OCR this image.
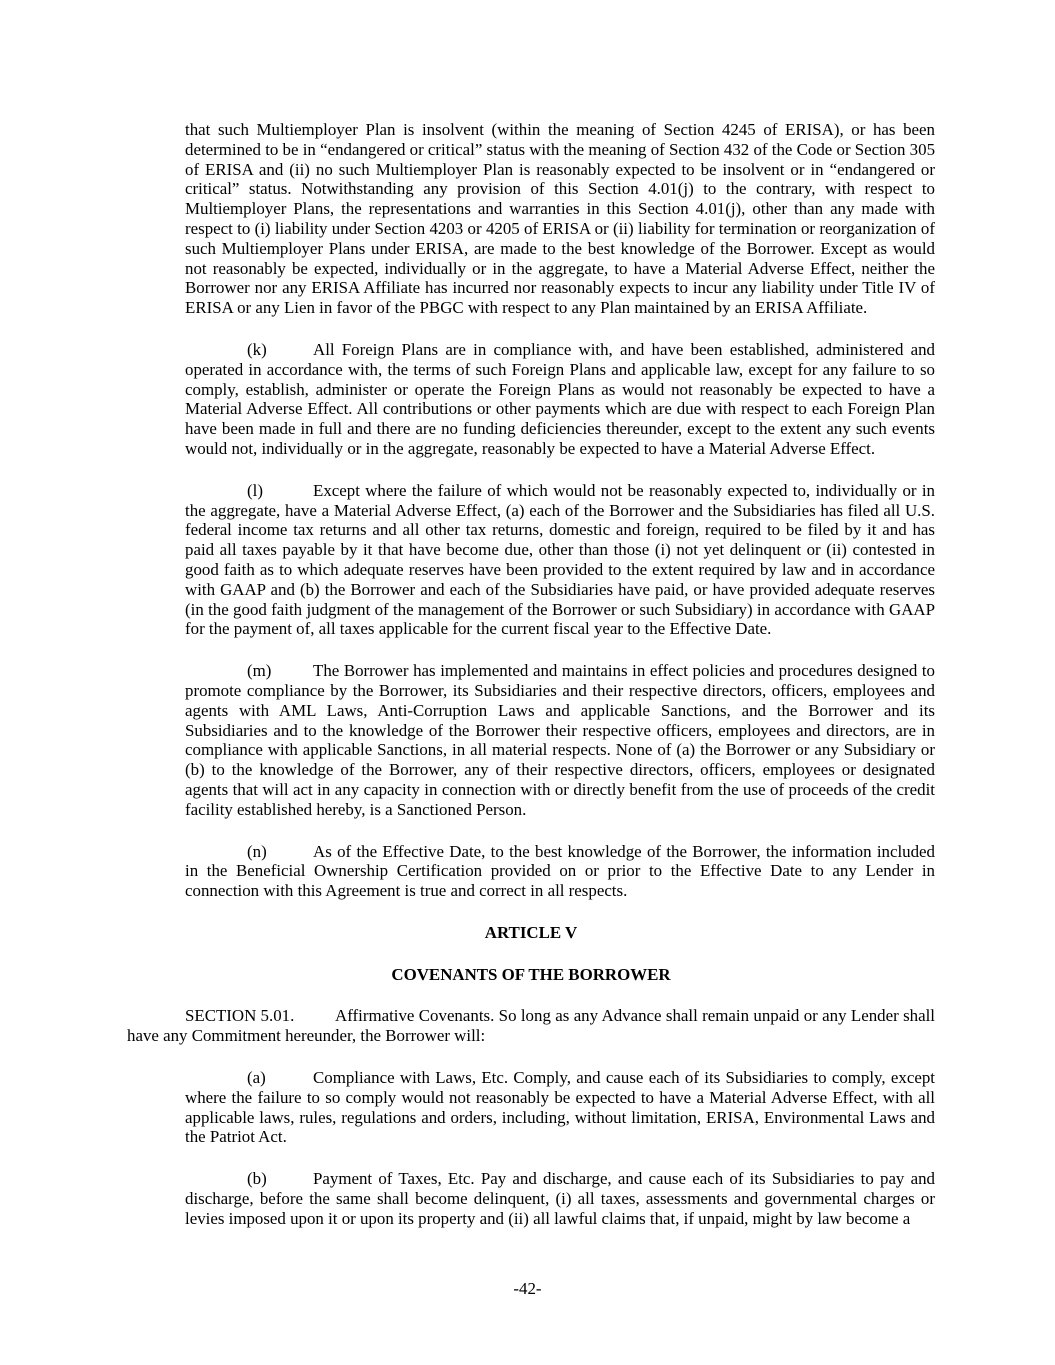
that such Multiemployer Plan is insolvent (within the meaning of Section 4245 of ERISA), or has been determined to be in “endangered or critical” status with the meaning of Section 432 of the Code or Section 305 of ERISA and (ii) no such Multiemployer Plan is reasonably expected to be insolvent or in “endangered or critical” status. Notwithstanding any provision of this Section 4.01(j) to the contrary, with respect to Multiemployer Plans, the representations and warranties in this Section 4.01(j), other than any made with respect to (i) liability under Section 4203 or 4205 of ERISA or (ii) liability for termination or reorganization of such Multiemployer Plans under ERISA, are made to the best knowledge of the Borrower. Except as would not reasonably be expected, individually or in the aggregate, to have a Material Adverse Effect, neither the Borrower nor any ERISA Affiliate has incurred nor reasonably expects to incur any liability under Title IV of ERISA or any Lien in favor of the PBGC with respect to any Plan maintained by an ERISA Affiliate.

(k)	All Foreign Plans are in compliance with, and have been established, administered and operated in accordance with, the terms of such Foreign Plans and applicable law, except for any failure to so comply, establish, administer or operate the Foreign Plans as would not reasonably be expected to have a Material Adverse Effect. All contributions or other payments which are due with respect to each Foreign Plan have been made in full and there are no funding deficiencies thereunder, except to the extent any such events would not, individually or in the aggregate, reasonably be expected to have a Material Adverse Effect.

(l)	Except where the failure of which would not be reasonably expected to, individually or in the aggregate, have a Material Adverse Effect, (a) each of the Borrower and the Subsidiaries has filed all U.S. federal income tax returns and all other tax returns, domestic and foreign, required to be filed by it and has paid all taxes payable by it that have become due, other than those (i) not yet delinquent or (ii) contested in good faith as to which adequate reserves have been provided to the extent required by law and in accordance with GAAP and (b) the Borrower and each of the Subsidiaries have paid, or have provided adequate reserves (in the good faith judgment of the management of the Borrower or such Subsidiary) in accordance with GAAP for the payment of, all taxes applicable for the current fiscal year to the Effective Date.

(m) The Borrower has implemented and maintains in effect policies and procedures designed to promote compliance by the Borrower, its Subsidiaries and their respective directors, officers, employees and agents with AML Laws, Anti-Corruption Laws and applicable Sanctions, and the Borrower and its Subsidiaries and to the knowledge of the Borrower their respective officers, employees and directors, are in compliance with applicable Sanctions, in all material respects. None of (a) the Borrower or any Subsidiary or (b) to the knowledge of the Borrower, any of their respective directors, officers, employees or designated agents that will act in any capacity in connection with or directly benefit from the use of proceeds of the credit facility established hereby, is a Sanctioned Person.

(n)	As of the Effective Date, to the best knowledge of the Borrower, the information included in the Beneficial Ownership Certification provided on or prior to the Effective Date to any Lender in connection with this Agreement is true and correct in all respects.

ARTICLE V
COVENANTS OF THE BORROWER

SECTION 5.01. Affirmative Covenants. So long as any Advance shall remain unpaid or any Lender shall have any Commitment hereunder, the Borrower will:

(a)	Compliance with Laws, Etc. Comply, and cause each of its Subsidiaries to comply, except where the failure to so comply would not reasonably be expected to have a Material Adverse Effect, with all applicable laws, rules, regulations and orders, including, without limitation, ERISA, Environmental Laws and the Patriot Act.

(b)	Payment of Taxes, Etc. Pay and discharge, and cause each of its Subsidiaries to pay and discharge, before the same shall become delinquent, (i) all taxes, assessments and governmental charges or levies imposed upon it or upon its property and (ii) all lawful claims that, if unpaid, might by law become a

-42-
